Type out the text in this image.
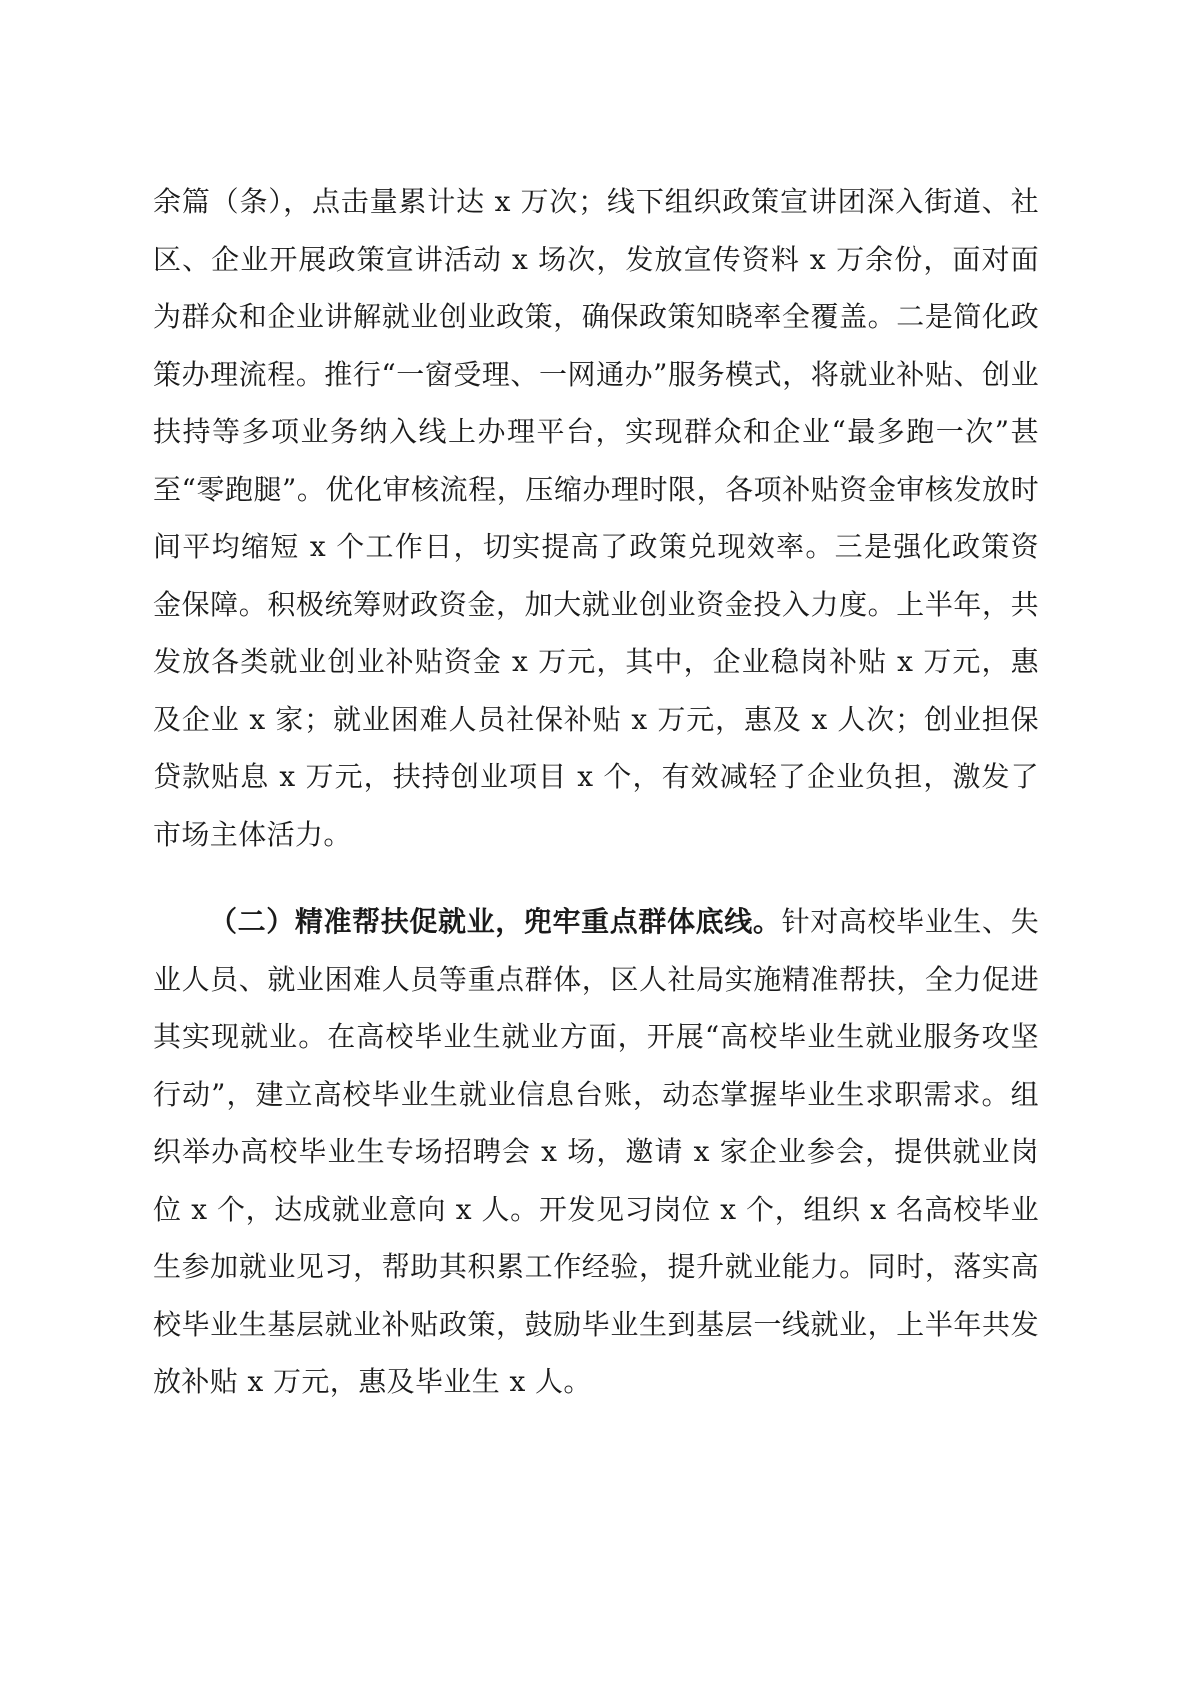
余篇（条），点击量累计达 x 万次；线下组织政策宣讲团深入街道、社区、企业开展政策宣讲活动 x 场次，发放宣传资料 x 万余份，面对面为群众和企业讲解就业创业政策，确保政策知晓率全覆盖。二是简化政策办理流程。推行“一窗受理、一网通办”服务模式，将就业补贴、创业扶持等多项业务纳入线上办理平台，实现群众和企业“最多跑一次”甚至“零跑腿”。优化审核流程，压缩办理时限，各项补贴资金审核发放时间平均缩短 x 个工作日，切实提高了政策兑现效率。三是强化政策资金保障。积极统筹财政资金，加大就业创业资金投入力度。上半年，共发放各类就业创业补贴资金 x 万元，其中，企业稳岗补贴 x 万元，惠及企业 x 家；就业困难人员社保补贴 x 万元，惠及 x 人次；创业担保贷款贴息 x 万元，扶持创业项目 x 个，有效减轻了企业负担，激发了市场主体活力。

（二）精准帮扶促就业，兜牢重点群体底线。针对高校毕业生、失业人员、就业困难人员等重点群体，区人社局实施精准帮扶，全力促进其实现就业。在高校毕业生就业方面，开展“高校毕业生就业服务攻坚行动”，建立高校毕业生就业信息台账，动态掌握毕业生求职需求。组织举办高校毕业生专场招聘会 x 场，邀请 x 家企业参会，提供就业岗位 x 个，达成就业意向 x 人。开发见习岗位 x 个，组织 x 名高校毕业生参加就业见习，帮助其积累工作经验，提升就业能力。同时，落实高校毕业生基层就业补贴政策，鼓励毕业生到基层一线就业，上半年共发放补贴 x 万元，惠及毕业生 x 人。
